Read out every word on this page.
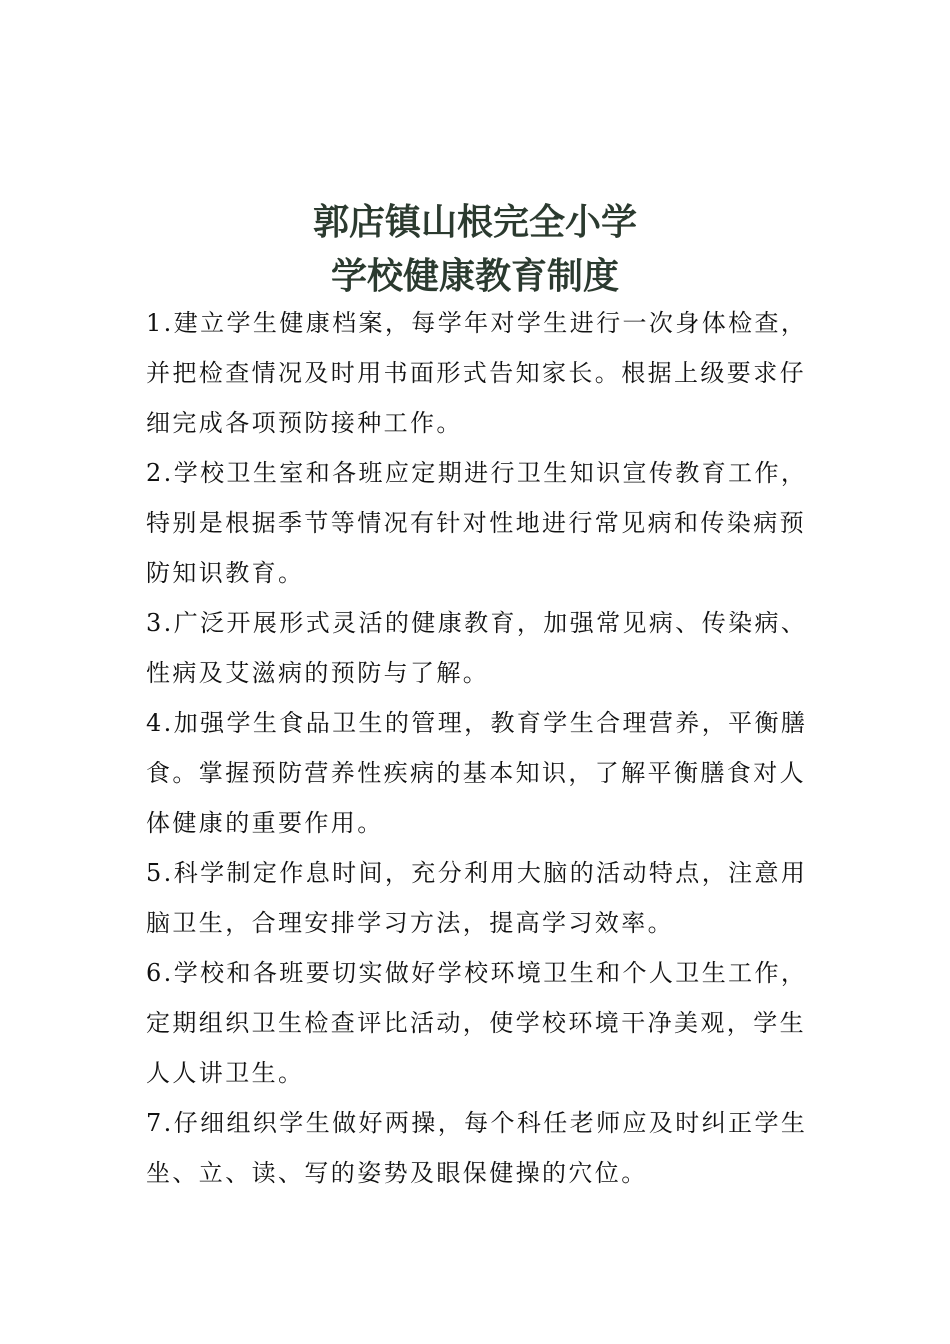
郭店镇山根完全小学
学校健康教育制度
1.建立学生健康档案，每学年对学生进行一次身体检查，
并把检查情况及时用书面形式告知家长。根据上级要求仔
细完成各项预防接种工作。
2.学校卫生室和各班应定期进行卫生知识宣传教育工作，
特别是根据季节等情况有针对性地进行常见病和传染病预
防知识教育。
3.广泛开展形式灵活的健康教育，加强常见病、传染病、
性病及艾滋病的预防与了解。
4.加强学生食品卫生的管理，教育学生合理营养，平衡膳
食。掌握预防营养性疾病的基本知识，了解平衡膳食对人
体健康的重要作用。
5.科学制定作息时间，充分利用大脑的活动特点，注意用
脑卫生，合理安排学习方法，提高学习效率。
6.学校和各班要切实做好学校环境卫生和个人卫生工作，
定期组织卫生检查评比活动，使学校环境干净美观，学生
人人讲卫生。
7.仔细组织学生做好两操，每个科任老师应及时纠正学生
坐、立、读、写的姿势及眼保健操的穴位。
